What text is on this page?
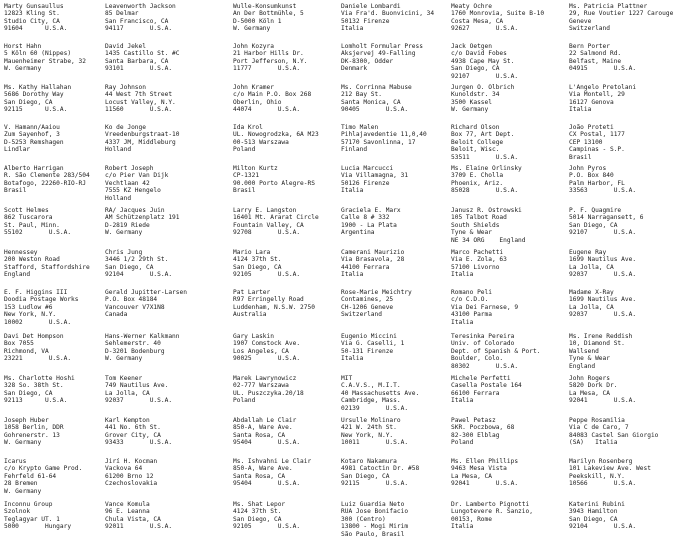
Marty Gunsaullus
12823 Kling St.
Studio City, CA
91604      U.S.A.
Horst Hahn
5 Köln 60 (Nippes)
Mauenheimer Strabe, 32
W. Germany
Ms. Kathy Hallahan
5686 Dorothy Way
San Diego, CA
92115      U.S.A.
V. Hamann/Aaiou
Zum Sayenhof, 3
D-5253 Remshagen
Lindlar
Alberto Harrigan
R. São Clemente 283/504
Botafogo, 22260-RIO-RJ
Brasil
Scott Helmes
862 Tuscarora
St. Paul, Minn.
55102       U.S.A.
Hennessey
200 Weston Road
Stafford, Staffordshire
England
E. F. Higgins III
Doodia Postage Works
153 Ludlow #6
New York, N.Y.
10002       U.S.A.
Davi Det Hompson
Box 7055
Richmond, VA
23221       U.S.A.
Ms. Charlotte Hoshi
328 So. 38th St.
San Diego, CA
92113      U.S.A.
Joseph Huber
1058 Berlin, DDR
Gohrenerstr. 13
W. Germany
Icarus
c/o Krypto Game Prod.
Fehrfeld 61-64
28 Bremen
W. Germany
Inconnu Group
Szolnok
Teglagyar UT. 1
5000       Hungary
Leavenworth Jackson
85 Delmar
San Francisco, CA
94117       U.S.A.
David Jekel
1435 Castillo St. #C
Santa Barbara, CA
93101       U.S.A.
Ray Johnson
44 West 7th Street
Locust Valley, N.Y.
11560       U.S.A.
Ko de Jonge
Vreedenburgstraat-10
4337 JM, Middleburg
Holland
Robert Joseph
c/o Pier Van Dijk
Vechtlaan 42
7555 KZ Hengelo
Holland
RA/ Jacques Juin
AM Schützenplatz 191
D-2819 Riede
W. Germany
Chris Jung
3446 1/2 29th St.
San Diego, CA
92104       U.S.A.
Gerald Jupitter-Larsen
P.O. Box 48184
Vancouver V7X1N8
Canada
Hans-Werner Kalkmann
Sehlemerstr. 40
D-3201 Bodenburg
W. Germany
Tom Keener
749 Nautilus Ave.
La Jolla, CA
92037       U.S.A.
Karl Kempton
441 No. 6th St.
Grover City, CA
93433       U.S.A.
Jirí H. Kocman
Vackova 64
61200 Brno 12
Czechoslovakia
Vance Komula
96 E. Leanna
Chula Vista, CA
92011       U.S.A.
Wulle-Konsumkunst
An Der Bottmühle, 5
D-5000 Köln 1
W. Germany
John Kozyra
21 Harbor Hills Dr.
Port Jefferson, N.Y.
11777       U.S.A.
John Kramer
c/o Main P.O. Box 268
Oberlin, Ohio
44074       U.S.A.
Ida Krol
UL. Nowogrodzka, 6A M23
00-513 Warszawa
Poland
Milton Kurtz
CP-1321
90.000 Porto Alegre-RS
Brasil
Larry E. Langston
16401 Mt. Ararat Circle
Fountain Valley, CA
92708       U.S.A.
Mario Lara
4124 37th St.
San Diego, CA
92105       U.S.A.
Pat Larter
R97 Erringelly Road
Luddenham, N.S.W. 2750
Australia
Gary Laskin
1907 Comstock Ave.
Los Angeles, CA
90025       U.S.A.
Marek Lawrynowicz
02-777 Warszawa
UL. Puszczyka.20/18
Poland
Abdallah Le Clair
850-A, Ware Ave.
Santa Rosa, CA
95404       U.S.A.
Ms. Ishvahni Le Clair
850-A, Ware Ave.
Santa Rosa, CA
95404       U.S.A.
Ms. Shat Lepor
4124 37th St.
San Diego, CA
92105       U.S.A.
Daniele Lombardi
Via Fra'd. Buonvicini, 34
50132 Firenze
Italia
Lomholt Formular Press
Aksjervej 49-Falling
DK-8300, Odder
Denmark
Ms. Corrinna Mabuse
212 Bay St.
Santa Monica, CA
90405       U.S.A.
Timo Malen
Pihlajavedentie 11,0,40
57170 Savonlinna, 17
Finland
Lucia Marcucci
Via Villamagna, 31
50126 Firenze
Italia
Graciela E. Marx
Calle 8 # 332
1900 - La Plata
Argentina
Camerani Maurizio
Via Brasavola, 28
44100 Ferrara
Italia
Rose-Marie Meichtry
Contamines, 25
CH-1206 Geneve
Switzerland
Eugenio Miccini
Via G. Caselli, 1
50-131 Firenze
Italia
MIT
C.A.V.S., M.I.T.
40 Massachusetts Ave.
Cambridge, Mass.
02139       U.S.A.
Ursulle Molinaro
421 W. 24th St.
New York, N.Y.
10011       U.S.A.
Kotaro Nakamura
4981 Catoctin Dr. #58
San Diego, CA
92115       U.S.A.
Luiz Guardia Neto
RUA Jose Bonifacio
300 (Centro)
13800 - Mogi Mirim
São Paulo, Brasil
Meaty Ochre
1760 Monrovia, Suite B-10
Costa Mesa, CA
92627       U.S.A.
Jack Oetgen
c/o David Fobes
4938 Cape May St.
San Diego, CA
92107       U.S.A.
Jurgen O. Olbrich
Kunoldstr. 34
3500 Kassel
W. Germany
Richard Olson
Box 77, Art Dept.
Beloit College
Beloit, Wisc.
53511       U.S.A.
Ms. Elaine Orlinsky
3709 E. Cholla
Phoenix, Ariz.
85028       U.S.A.
Janusz R. Ostrowski
105 Talbot Road
South Shields
Tyne & Wear
NE 34 ORG    England
Marco Pachetti
Via E. Zola, 63
57100 Livorno
Italia
Romano Peli
c/o C.D.O.
Via Dei Farnese, 9
43100 Parma
Italia
Teresinka Pereira
Univ. of Colorado
Dept. of Spanish & Port.
Boulder, Colo.
80302       U.S.A.
Michele Perfetti
Casella Postale 164
66100 Ferrara
Italia
Pawel Petasz
SKR. Poczbowa, 68
82-300 Elblag
Poland
Ms. Ellen Phillips
9463 Mesa Vista
La Mesa, CA
92041       U.S.A.
Dr. Lamberto Pignotti
Lungotevere R. Sanzio,
00153, Rome
Italia
Ms. Patricia Plattner
29, Rue Voutier 1227 Carouge
Geneve
Switzerland
Bern Porter
22 Salmond Rd.
Belfast, Maine
04915       U.S.A.
L'Angelo Pretolani
Via Montell, 29
16127 Genova
Italia
João Proteti
CX Postal, 1177
CEP 13100
Campinas - S.P.
Brasil
John Pyros
P.O. Box 840
Palm Harbor, FL
33563       U.S.A.
P. F. Quagmire
5014 Narragansett, 6
San Diego, CA
92107       U.S.A.
Eugene Ray
1699 Nautilus Ave.
La Jolla, CA
92037       U.S.A.
Madame X-Ray
1699 Nautilus Ave.
La Jolla, CA
92037       U.S.A.
Ms. Irene Reddish
10, Diamond St.
Wallsend
Tyne & Wear
England
John Rogers
5820 Dork Dr.
La Mesa, CA
92041       U.S.A.
Peppe Rosamilia
Via C de Caro, 7
84083 Castel San Giorgio
(SA)   Italia
Marilyn Rosenberg
101 Lakeview Ave. West
Peekskill, N.Y.
10566       U.S.A.
Katerini Rubini
3943 Hamilton
San Diego, CA
92104       U.S.A.
